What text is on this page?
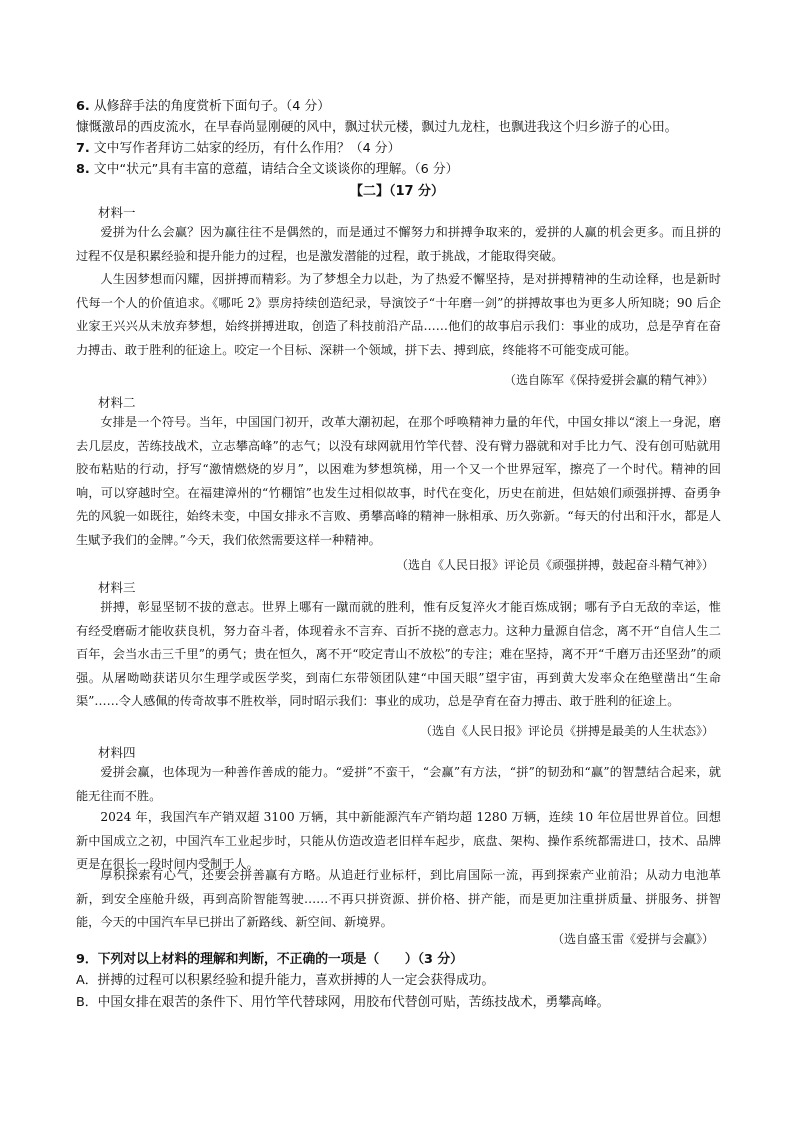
6. 从修辞手法的角度赏析下面句子。（4 分）
慷慨激昂的西皮流水，在早春尚显刚硬的风中，飘过状元楼，飘过九龙柱，也飘进我这个归乡游子的心田。
7. 文中写作者拜访二姑家的经历，有什么作用？（4 分）
8. 文中“状元”具有丰富的意蕴，请结合全文谈谈你的理解。（6 分）
【二】（17 分）
材料一

爱拼为什么会赢？因为赢往往不是偶然的，而是通过不懈努力和拼搏争取来的，爱拼的人赢的机会更多。而且拼的过程不仅是积累经验和提升能力的过程，也是激发潜能的过程，敢于挑战，才能取得突破。

人生因梦想而闪耀，因拼搏而精彩。为了梦想全力以赴，为了热爱不懈坚持，是对拼搏精神的生动诠释，也是新时代每一个人的价值追求。《哪吒 2》票房持续创造纪录，导演饺子“十年磨一剑”的拼搏故事也为更多人所知晓；90 后企业家王兴兴从未放弃梦想，始终拼搏进取，创造了科技前沿产品……他们的故事启示我们：事业的成功，总是孕育在奋力搏击、敢于胜利的征途上。咬定一个目标、深耕一个领域，拼下去、搏到底，终能将不可能变成可能。

（选自陈军《保持爱拼会赢的精气神》）
材料二

女排是一个符号。当年，中国国门初开，改革大潮初起，在那个呼唤精神力量的年代，中国女排以“滚上一身泥，磨去几层皮，苦练技战术，立志攀高峰”的志气；以没有球网就用竹竿代替、没有臂力器就和对手比力气、没有创可贴就用胶布粘贴的行动，抒写“激情燃烧的岁月”，以困难为梦想筑梯，用一个又一个世界冠军，擦亮了一个时代。精神的回响，可以穿越时空。在福建漳州的“竹棚馆”也发生过相似故事，时代在变化，历史在前进，但姑娘们顽强拼搏、奋勇争先的风貌一如既往，始终未变，中国女排永不言败、勇攀高峰的精神一脉相承、历久弥新。“每天的付出和汗水，都是人生赋予我们的金牌。”今天，我们依然需要这样一种精神。

（选自《人民日报》评论员《顽强拼搏，鼓起奋斗精气神》）
材料三

拼搏，彰显坚韧不拔的意志。世界上哪有一蹴而就的胜利，惟有反复淬火才能百炼成钢；哪有予白无敌的幸运，惟有经受磨砺才能收获良机，努力奋斗者，体现着永不言弃、百折不挠的意志力。这种力量源自信念，离不开“自信人生二百年，会当水击三千里”的勇气；贵在恒久，离不开“咬定青山不放松”的专注；难在坚持，离不开“千磨万击还坚劲”的顽强。从屠呦呦获诺贝尔生理学或医学奖，到南仁东带领团队建“中国天眼”望宇宙，再到黄大发率众在绝壁凿出“生命渠”……令人感佩的传奇故事不胜枚举，同时昭示我们：事业的成功，总是孕育在奋力搏击、敢于胜利的征途上。

（选自《人民日报》评论员《拼搏是最美的人生状态》）
材料四

爱拼会赢，也体现为一种善作善成的能力。“爱拼”不蛮干，“会赢”有方法，“拼”的韧劲和“赢”的智慧结合起来，就能无往而不胜。

2024 年，我国汽车产销双超 3100 万辆，其中新能源汽车产销均超 1280 万辆，连续 10 年位居世界首位。回想新中国成立之初，中国汽车工业起步时，只能从仿造改造老旧样车起步，底盘、架构、操作系统都需进口，技术、品牌更是在很长一段时间内受制于人。

厚积探索有心气，还要会拼善赢有方略。从追赶行业标杆，到比肩国际一流，再到探索产业前沿；从动力电池革新，到安全座舱升级，再到高阶智能驾驶……不再只拼资源、拼价格、拼产能，而是更加注重拼质量、拼服务、拼智能，今天的中国汽车早已拼出了新路线、新空间、新境界。

（选自盛玉雷《爱拼与会赢》）
9．下列对以上材料的理解和判断，不正确的一项是（　　）（3 分）
A．拼搏的过程可以积累经验和提升能力，喜欢拼搏的人一定会获得成功。
B．中国女排在艰苦的条件下、用竹竿代替球网，用胶布代替创可贴，苦练技战术，勇攀高峰。
